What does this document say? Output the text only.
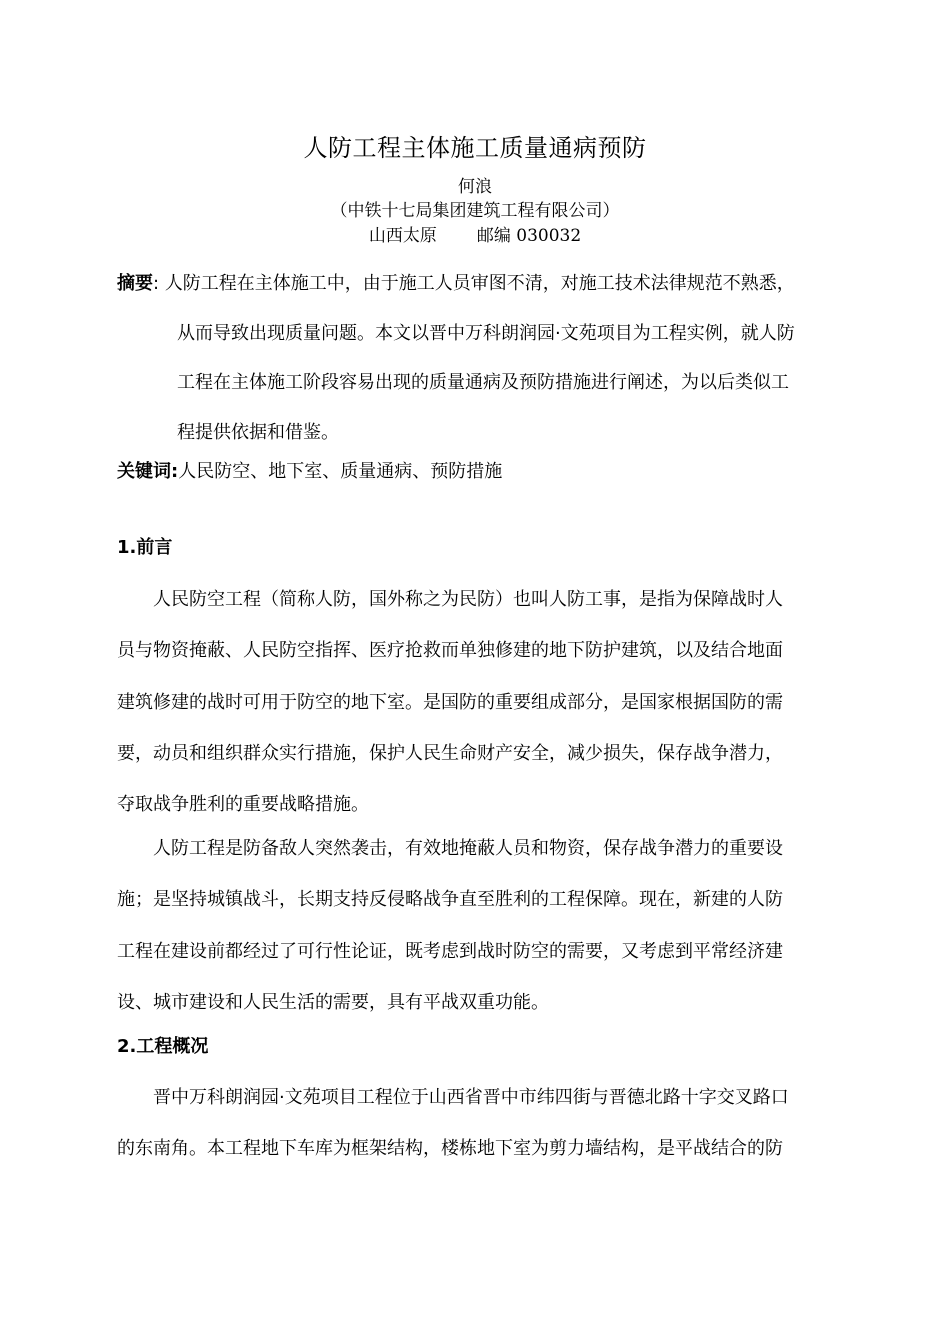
人防工程主体施工质量通病预防
何浪
（中铁十七局集团建筑工程有限公司）
山西太原 邮编 030032
摘要: 人防工程在主体施工中，由于施工人员审图不清，对施工技术法律规范不熟悉，
从而导致出现质量问题。本文以晋中万科朗润园·文苑项目为工程实例，就人防
工程在主体施工阶段容易出现的质量通病及预防措施进行阐述，为以后类似工
程提供依据和借鉴。
关键词:人民防空、地下室、质量通病、预防措施
1.前言
人民防空工程（简称人防，国外称之为民防）也叫人防工事，是指为保障战时人
员与物资掩蔽、人民防空指挥、医疗抢救而单独修建的地下防护建筑，以及结合地面
建筑修建的战时可用于防空的地下室。是国防的重要组成部分，是国家根据国防的需
要，动员和组织群众实行措施，保护人民生命财产安全，减少损失，保存战争潜力，
夺取战争胜利的重要战略措施。
人防工程是防备敌人突然袭击，有效地掩蔽人员和物资，保存战争潜力的重要设
施；是坚持城镇战斗，长期支持反侵略战争直至胜利的工程保障。现在，新建的人防
工程在建设前都经过了可行性论证，既考虑到战时防空的需要，又考虑到平常经济建
设、城市建设和人民生活的需要，具有平战双重功能。
2.工程概况
晋中万科朗润园·文苑项目工程位于山西省晋中市纬四街与晋德北路十字交叉路口
的东南角。本工程地下车库为框架结构，楼栋地下室为剪力墙结构，是平战结合的防
